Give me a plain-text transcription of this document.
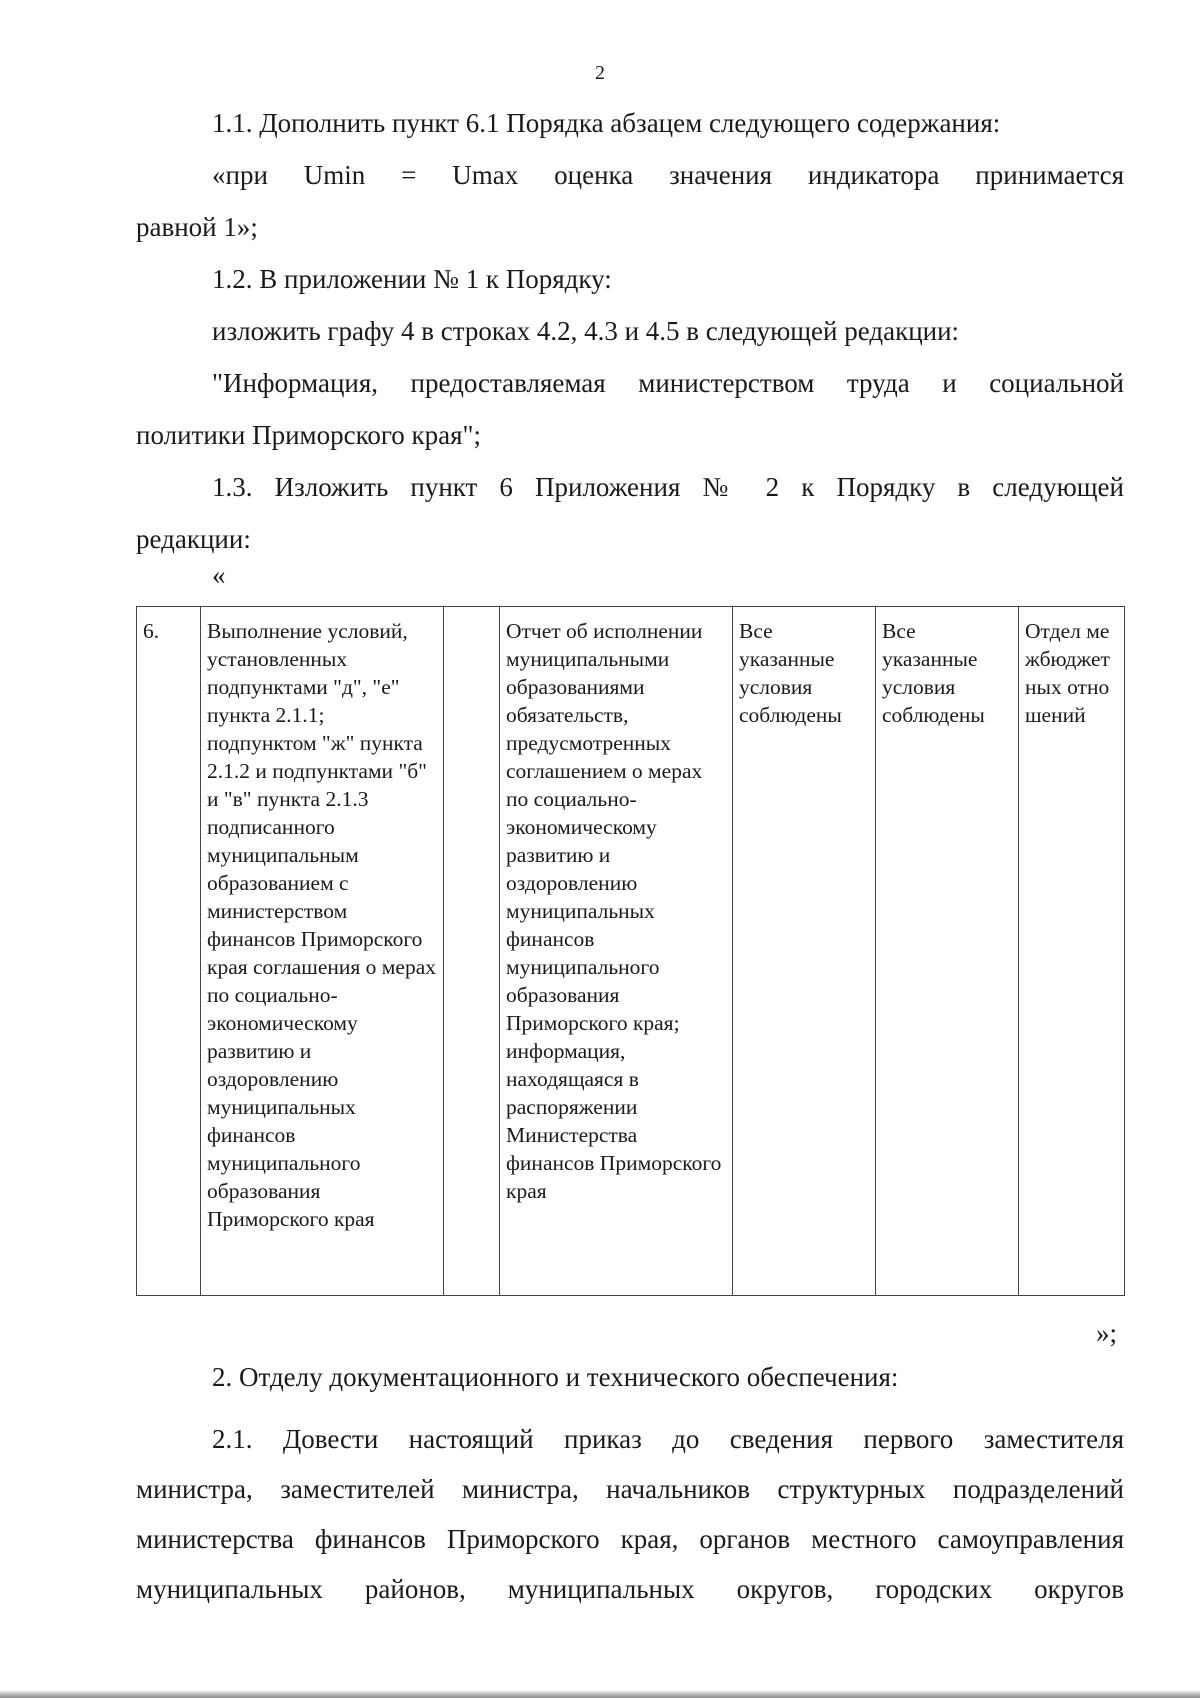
2
1.1. Дополнить пункт 6.1 Порядка абзацем следующего содержания:
«при Umin = Umax оценка значения индикатора принимается
равной 1»;
1.2. В приложении № 1 к Порядку:
изложить графу 4 в строках 4.2, 4.3 и 4.5 в следующей редакции:
"Информация, предоставляемая министерством труда и социальной
политики Приморского края";
1.3. Изложить пункт 6 Приложения № 2 к Порядку в следующей
редакции:
«
6.	Выполнение условий, установленных подпунктами "д", "е" пункта 2.1.1; подпунктом "ж" пункта 2.1.2 и подпунктами "б" и "в" пункта 2.1.3 подписанного муниципальным образованием с министерством финансов Приморского края соглашения о мерах по социально-экономическому развитию и оздоровлению муниципальных финансов муниципального образования Приморского края		Отчет об исполнении муниципальными образованиями обязательств, предусмотренных соглашением о мерах по социально-экономическому развитию и оздоровлению муниципальных финансов муниципального образования Приморского края; информация, находящаяся в распоряжении Министерства финансов Приморского края	Все указанные условия соблюдены	Все указанные условия соблюдены	Отдел межбюджетных отношений
»;
2. Отделу документационного и технического обеспечения:
2.1. Довести настоящий приказ до сведения первого заместителя
министра, заместителей министра, начальников структурных подразделений
министерства финансов Приморского края, органов местного самоуправления
муниципальных районов, муниципальных округов, городских округов
